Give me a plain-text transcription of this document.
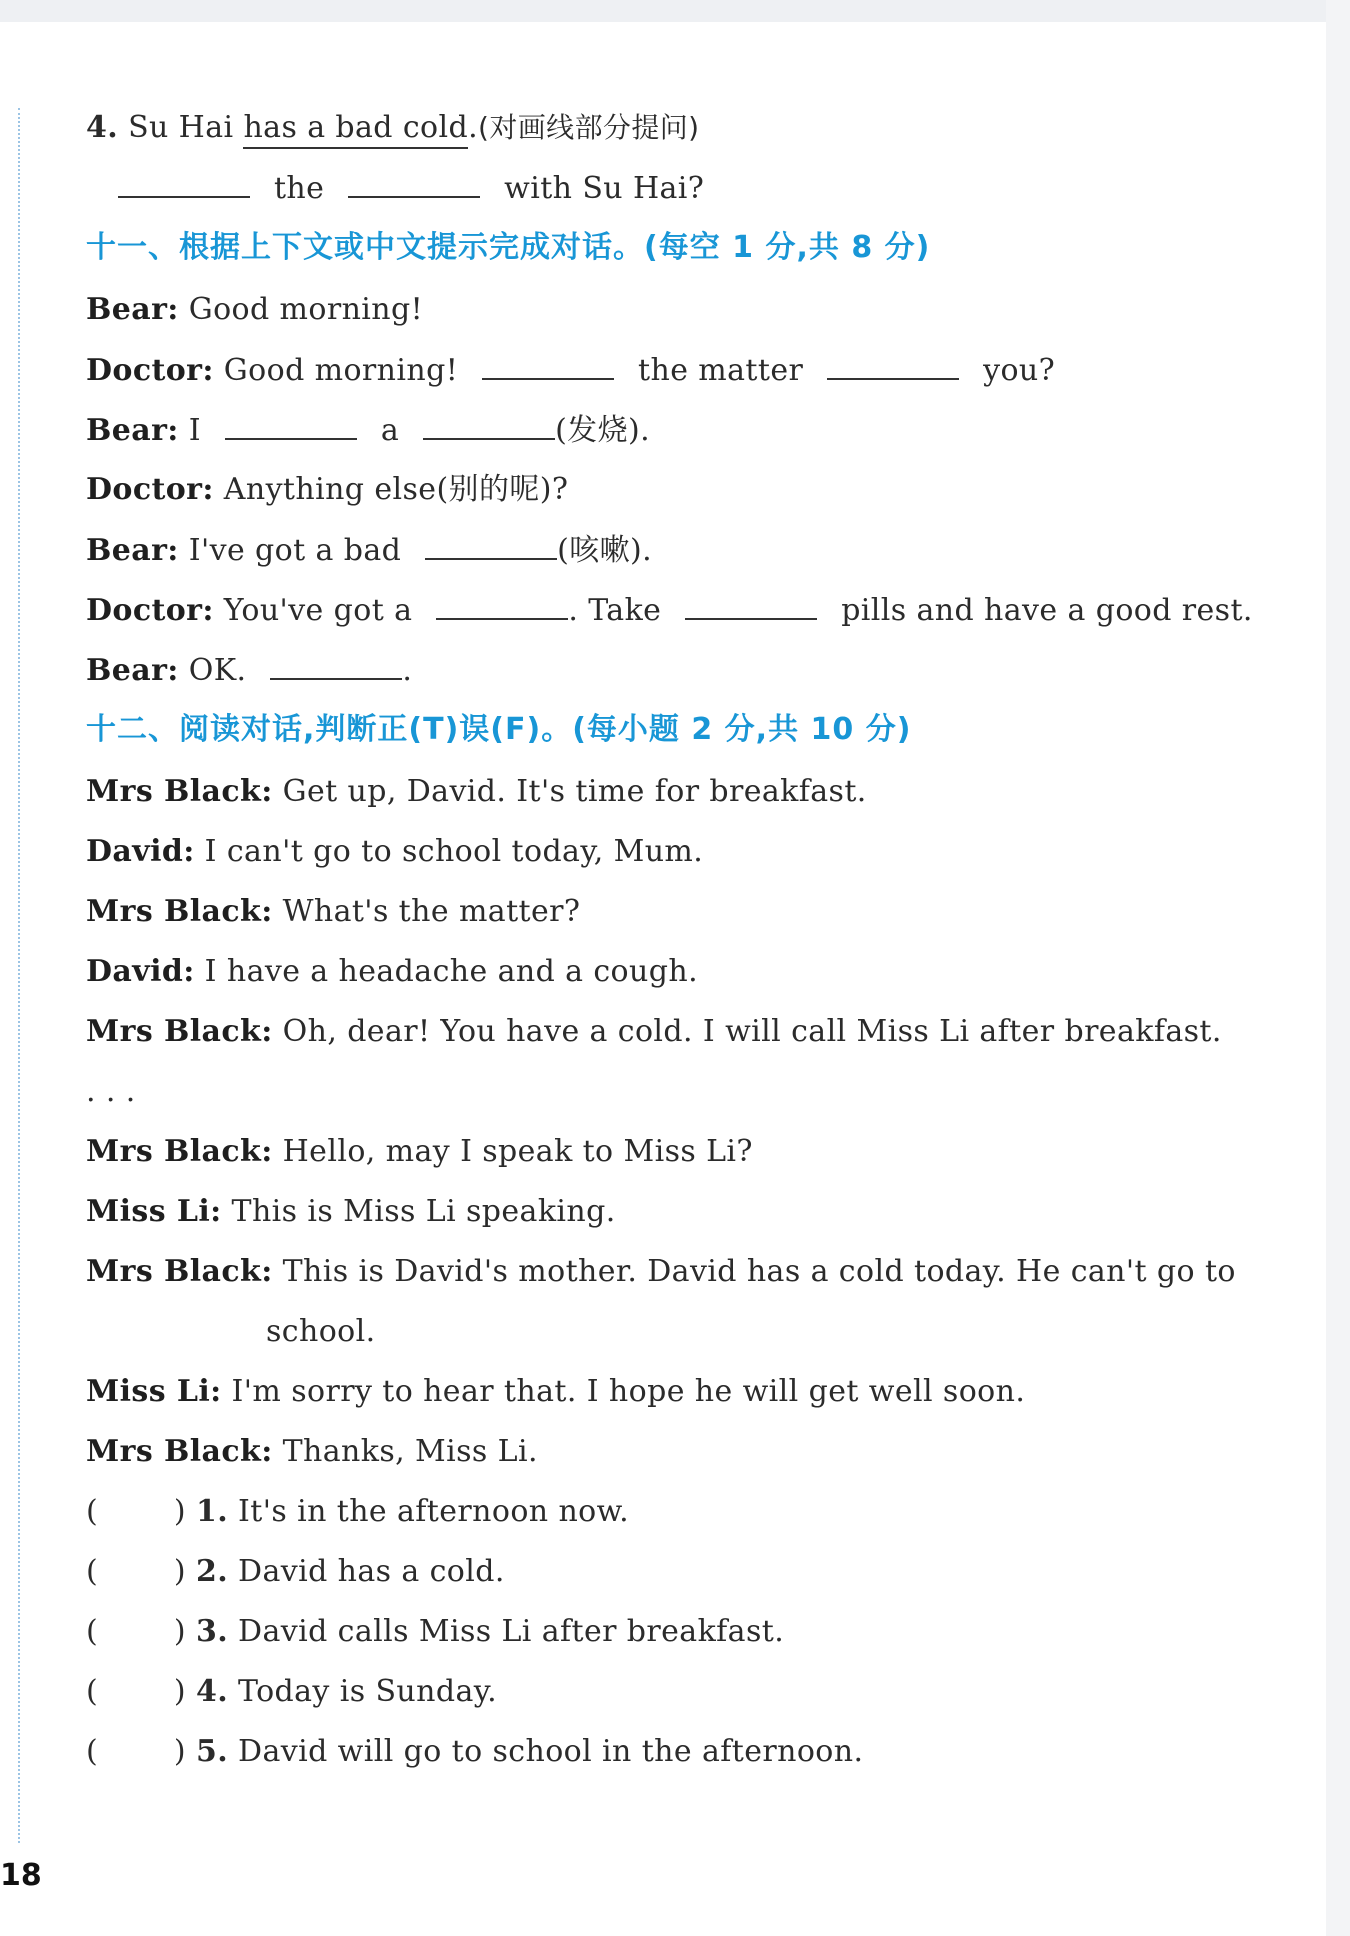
4. Su Hai has a bad cold.(对画线部分提问)
the	with Su Hai?
十一、根据上下文或中文提示完成对话。(每空 1 分,共 8 分)
Bear: Good morning!
Doctor: Good morning!	the matter	you?
Bear: I	a	(发烧).
Doctor: Anything else(别的呢)?
Bear: I've got a bad	(咳嗽).
Doctor: You've got a	. Take	pills and have a good rest.
Bear: OK.	.
十二、阅读对话,判断正(T)误(F)。(每小题 2 分,共 10 分)
Mrs Black: Get up, David. It's time for breakfast.
David: I can't go to school today, Mum.
Mrs Black: What's the matter?
David: I have a headache and a cough.
Mrs Black: Oh, dear! You have a cold. I will call Miss Li after breakfast.
. . .
Mrs Black: Hello, may I speak to Miss Li?
Miss Li: This is Miss Li speaking.
Mrs Black: This is David's mother. David has a cold today. He can't go to
school.
Miss Li: I'm sorry to hear that. I hope he will get well soon.
Mrs Black: Thanks, Miss Li.
(	) 1. It's in the afternoon now.
(	) 2. David has a cold.
(	) 3. David calls Miss Li after breakfast.
(	) 4. Today is Sunday.
(	) 5. David will go to school in the afternoon.
18
